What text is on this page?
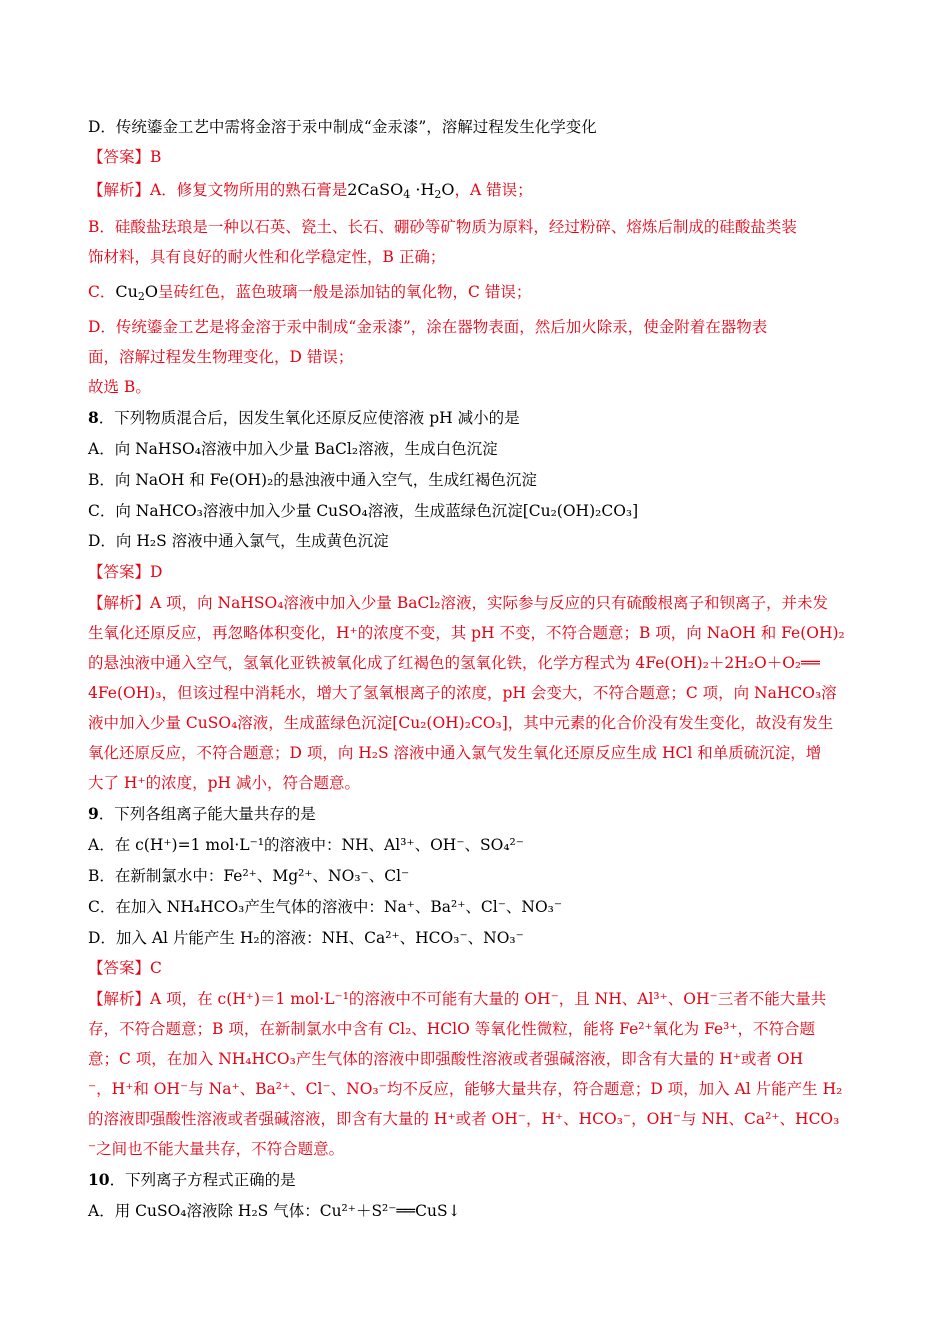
D．传统鎏金工艺中需将金溶于汞中制成“金汞漆”，溶解过程发生化学变化
【答案】B
【解析】A．修复文物所用的熟石膏是2CaSO4 ·H2O，A 错误；
B．硅酸盐珐琅是一种以石英、瓷土、长石、硼砂等矿物质为原料，经过粉碎、熔炼后制成的硅酸盐类装
饰材料，具有良好的耐火性和化学稳定性，B 正确；
C．Cu2O呈砖红色，蓝色玻璃一般是添加钴的氧化物，C 错误；
D．传统鎏金工艺是将金溶于汞中制成“金汞漆”，涂在器物表面，然后加火除汞，使金附着在器物表
面，溶解过程发生物理变化，D 错误；
故选 B。
8．下列物质混合后，因发生氧化还原反应使溶液 pH 减小的是
A．向 NaHSO₄溶液中加入少量 BaCl₂溶液，生成白色沉淀
B．向 NaOH 和 Fe(OH)₂的悬浊液中通入空气，生成红褐色沉淀
C．向 NaHCO₃溶液中加入少量 CuSO₄溶液，生成蓝绿色沉淀[Cu₂(OH)₂CO₃]
D．向 H₂S 溶液中通入氯气，生成黄色沉淀
【答案】D
【解析】A 项，向 NaHSO₄溶液中加入少量 BaCl₂溶液，实际参与反应的只有硫酸根离子和钡离子，并未发
生氧化还原反应，再忽略体积变化，H⁺的浓度不变，其 pH 不变，不符合题意；B 项，向 NaOH 和 Fe(OH)₂
的悬浊液中通入空气，氢氧化亚铁被氧化成了红褐色的氢氧化铁，化学方程式为 4Fe(OH)₂＋2H₂O＋O₂══
4Fe(OH)₃，但该过程中消耗水，增大了氢氧根离子的浓度，pH 会变大，不符合题意；C 项，向 NaHCO₃溶
液中加入少量 CuSO₄溶液，生成蓝绿色沉淀[Cu₂(OH)₂CO₃]，其中元素的化合价没有发生变化，故没有发生
氧化还原反应，不符合题意；D 项，向 H₂S 溶液中通入氯气发生氧化还原反应生成 HCl 和单质硫沉淀，增
大了 H⁺的浓度，pH 减小，符合题意。
9．下列各组离子能大量共存的是
A．在 c(H⁺)=1 mol·L⁻¹的溶液中：NH、Al³⁺、OH⁻、SO₄²⁻
B．在新制氯水中：Fe²⁺、Mg²⁺、NO₃⁻、Cl⁻
C．在加入 NH₄HCO₃产生气体的溶液中：Na⁺、Ba²⁺、Cl⁻、NO₃⁻
D．加入 Al 片能产生 H₂的溶液：NH、Ca²⁺、HCO₃⁻、NO₃⁻
【答案】C
【解析】A 项，在 c(H⁺)＝1 mol·L⁻¹的溶液中不可能有大量的 OH⁻，且 NH、Al³⁺、OH⁻三者不能大量共
存，不符合题意；B 项，在新制氯水中含有 Cl₂、HClO 等氧化性微粒，能将 Fe²⁺氧化为 Fe³⁺，不符合题
意；C 项，在加入 NH₄HCO₃产生气体的溶液中即强酸性溶液或者强碱溶液，即含有大量的 H⁺或者 OH
⁻，H⁺和 OH⁻与 Na⁺、Ba²⁺、Cl⁻、NO₃⁻均不反应，能够大量共存，符合题意；D 项，加入 Al 片能产生 H₂
的溶液即强酸性溶液或者强碱溶液，即含有大量的 H⁺或者 OH⁻，H⁺、HCO₃⁻，OH⁻与 NH、Ca²⁺、HCO₃
⁻之间也不能大量共存，不符合题意。
10．下列离子方程式正确的是
A．用 CuSO₄溶液除 H₂S 气体：Cu²⁺＋S²⁻══CuS↓
